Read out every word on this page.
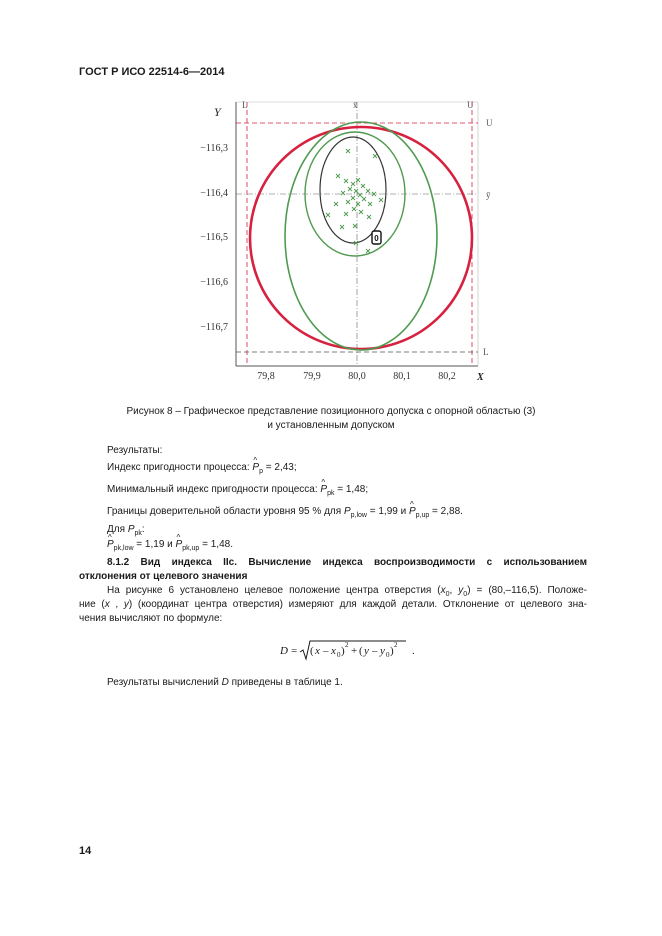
ГОСТ Р ИСО 22514-6—2014
Y
X
−116,3
−116,4
−116,5
−116,6
−116,7
79,8	79,9	80,0	80,1	80,2
L	U
x̄
U
ȳ
L
0
Рисунок 8 – Графическое представление позиционного допуска с опорной областью (3)
и установленным допуском
Результаты:
Индекс пригодности процесса: ^ $P_p = 2,43$;
Минимальный индекс пригодности процесса: ^ $P_{pk} = 1,48$;
Границы доверительной области уровня 95 % для $P_{p,low} = 1,99$ и ^ $P_{p,up} = 2,88$.
Для $P_{pk}$:
^ $P_{pk,low} = 1,19$ и ^ $P_{pk,up} = 1,48$.
8.1.2 Вид индекса IIc. Вычисление индекса воспроизводимости с использованием
отклонения от целевого значения
На рисунке 6 установлено целевое положение центра отверстия ($x_0$, $y_0) = (80,-116,5)$. Положе-
ние (x , y) (координат центра отверстия) измеряют для каждой детали. Отклонение от целевого зна-
чения вычисляют по формуле:
D = ( x – x 0 ) 2 + ( y – y 0 ) 2 .
Результаты вычислений D приведены в таблице 1.
14
